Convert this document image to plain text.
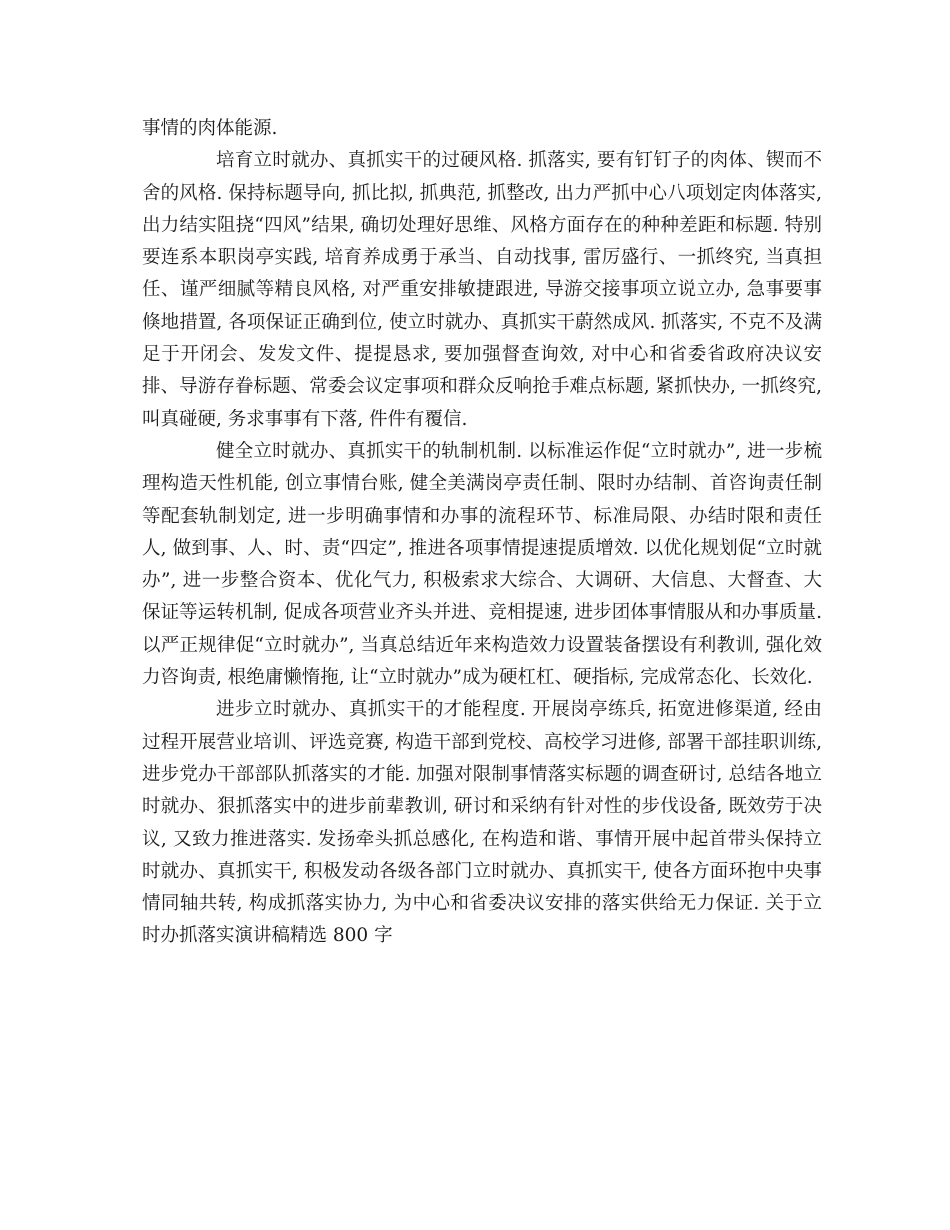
事情的肉体能源.

培育立时就办、真抓实干的过硬风格. 抓落实, 要有钉钉子的肉体、锲而不舍的风格. 保持标题导向, 抓比拟, 抓典范, 抓整改, 出力严抓中心八项划定肉体落实, 出力结实阻挠“四风”结果, 确切处理好思维、风格方面存在的种种差距和标题. 特别要连系本职岗亭实践, 培育养成勇于承当、自动找事, 雷厉盛行、一抓终究, 当真担任、谨严细腻等精良风格, 对严重安排敏捷跟进, 导游交接事项立说立办, 急事要事倏地措置, 各项保证正确到位, 使立时就办、真抓实干蔚然成风. 抓落实, 不克不及满足于开闭会、发发文件、提提恳求, 要加强督查询效, 对中心和省委省政府决议安排、导游存眷标题、常委会议定事项和群众反响抢手难点标题, 紧抓快办, 一抓终究, 叫真碰硬, 务求事事有下落, 件件有覆信.

健全立时就办、真抓实干的轨制机制. 以标准运作促“立时就办”, 进一步梳理构造天性机能, 创立事情台账, 健全美满岗亭责任制、限时办结制、首咨询责任制等配套轨制划定, 进一步明确事情和办事的流程环节、标准局限、办结时限和责任人, 做到事、人、时、责“四定”, 推进各项事情提速提质增效. 以优化规划促“立时就办”, 进一步整合资本、优化气力, 积极索求大综合、大调研、大信息、大督查、大保证等运转机制, 促成各项营业齐头并进、竞相提速, 进步团体事情服从和办事质量. 以严正规律促“立时就办”, 当真总结近年来构造效力设置装备摆设有利教训, 强化效力咨询责, 根绝庸懒惰拖, 让“立时就办”成为硬杠杠、硬指标, 完成常态化、长效化.

进步立时就办、真抓实干的才能程度. 开展岗亭练兵, 拓宽进修渠道, 经由过程开展营业培训、评选竞赛, 构造干部到党校、高校学习进修, 部署干部挂职训练, 进步党办干部部队抓落实的才能. 加强对限制事情落实标题的调查研讨, 总结各地立时就办、狠抓落实中的进步前辈教训, 研讨和采纳有针对性的步伐设备, 既效劳于决议, 又致力推进落实. 发扬牵头抓总感化, 在构造和谐、事情开展中起首带头保持立时就办、真抓实干, 积极发动各级各部门立时就办、真抓实干, 使各方面环抱中央事情同轴共转, 构成抓落实协力, 为中心和省委决议安排的落实供给无力保证. 关于立时办抓落实演讲稿精选 800 字
